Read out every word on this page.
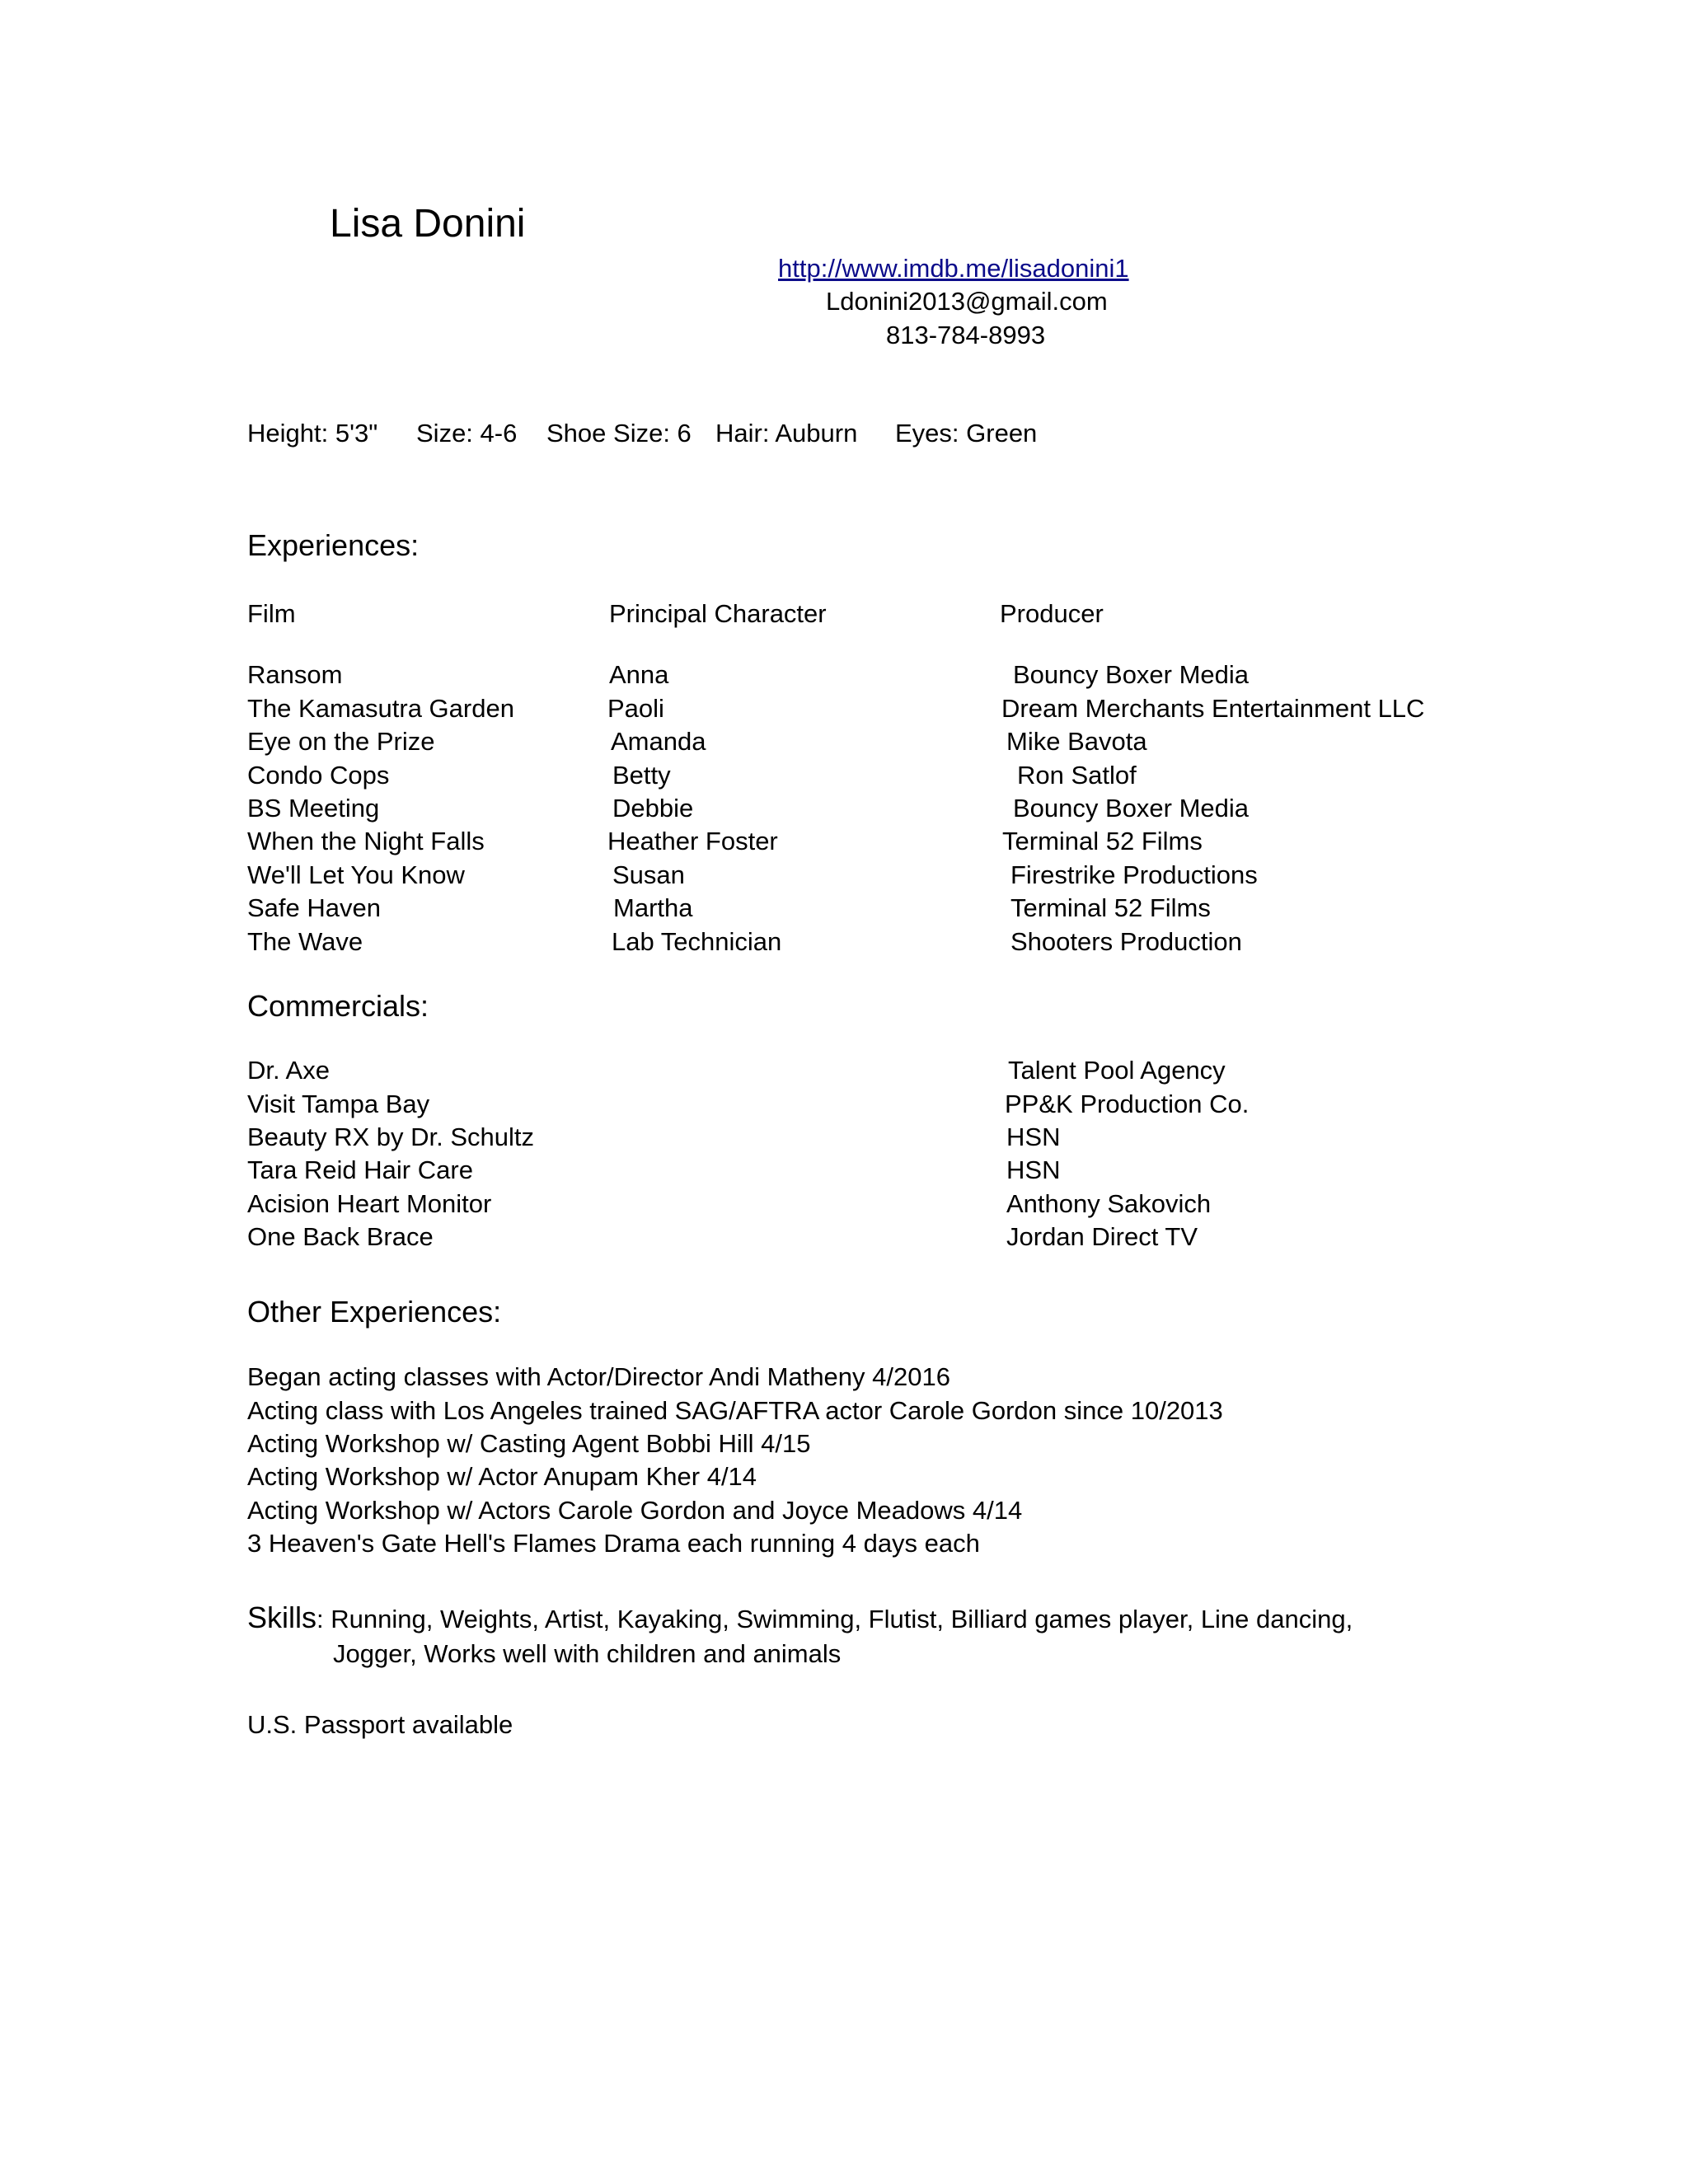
Lisa Donini
http://www.imdb.me/lisadonini1
Ldonini2013@gmail.com
813-784-8993
Height: 5'3" Size: 4-6 Shoe Size: 6 Hair: Auburn Eyes: Green
Experiences:
Film	Principal Character	Producer
Ransom	Anna	Bouncy Boxer Media
The Kamasutra Garden	Paoli	Dream Merchants Entertainment LLC
Eye on the Prize	Amanda	Mike Bavota
Condo Cops	Betty	Ron Satlof
BS Meeting	Debbie	Bouncy Boxer Media
When the Night Falls	Heather Foster	Terminal 52 Films
We'll Let You Know	Susan	Firestrike Productions
Safe Haven	Martha	Terminal 52 Films
The Wave	Lab Technician	Shooters Production
Commercials:
Dr. Axe	Talent Pool Agency
Visit Tampa Bay	PP&K Production Co.
Beauty RX by Dr. Schultz	HSN
Tara Reid Hair Care	HSN
Acision Heart Monitor	Anthony Sakovich
One Back Brace	Jordan Direct TV
Other Experiences:
Began acting classes with Actor/Director Andi Matheny 4/2016
Acting class with Los Angeles trained SAG/AFTRA actor Carole Gordon since 10/2013
Acting Workshop w/ Casting Agent Bobbi Hill 4/15
Acting Workshop w/ Actor Anupam Kher 4/14
Acting Workshop w/ Actors Carole Gordon and Joyce Meadows 4/14
3 Heaven's Gate Hell's Flames Drama each running 4 days each
Skills: Running, Weights, Artist, Kayaking, Swimming, Flutist, Billiard games player, Line dancing,
Jogger, Works well with children and animals
U.S. Passport available
